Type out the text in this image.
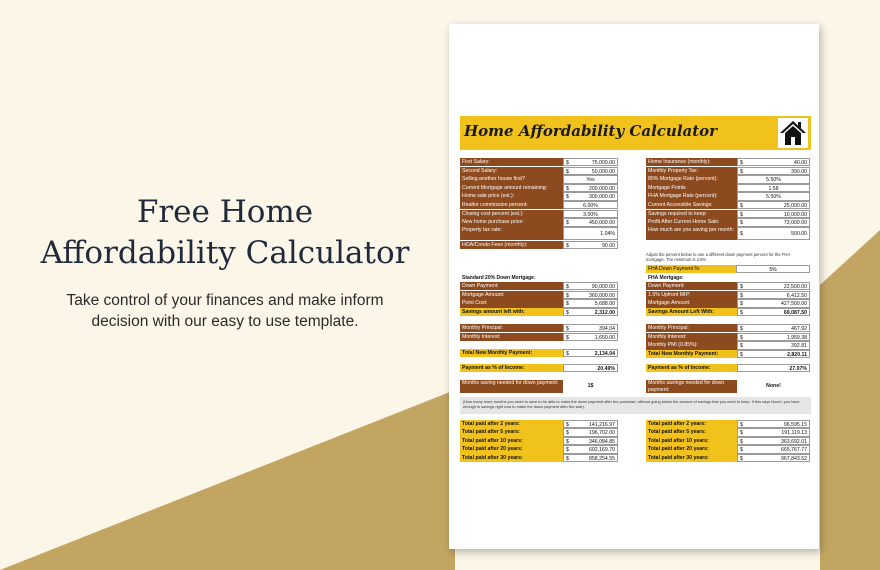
Free Home
Affordability Calculator
Take control of your finances and make inform
decision with our easy to use template.
Home Affordability Calculator
Adjust the percent below to use a different down payment percent for the FHA mortgage. The minimum is 3.5%
FHA Down Payment %:	5%
Standard 20% Down Mortgage:	FHA Mortgage:
(How many more months you need to save to be able to make the down payment after the purchase, without going below the amount of savings that you need to keep. If this says None!, you have enough in savings right now to make the down payment after the sale).
First Salary:	$	75,000.00
Second Salary:	$	50,000.00
Selling another house first?	Yes
Current Mortgage amount remaining:	$	200,000.00
Home sale price (est.):	$	300,000.00
Realtor commission percent:	6.00%
Closing cost percent (est.):	3.00%
New home purchase price:	$	450,000.00
Property tax rate:
1.04%
HOA/Condo Fees (monthly):	$	90.00
Home Insurance (monthly):	$	40.00
Monthly Property Tax:	$	390.00
80% Mortgage Rate (percent):	5.50%
Mortgage Points	1.58
FHA Mortgage Rate (percent):	5.50%
Current Accessible Savings:	$	25,000.00
Savings required to keep:	$	10,000.00
Profit After Current Home Sale:	$	73,000.00
How much are you saving per month:
$	500.00
Down Payment:	$	90,000.00
Mortgage Amount:	$	360,000.00
Point Cost:	$	5,688.00
Savings amount left with:	$	2,312.00
Monthly Principal:	$	394.04
Monthly Interest:	$	1,650.00
Total New Monthly Payment:	$	2,134.04
Payment as % of Income:	20.49%
Months saving needed for down payment:	1$
Down Payment:	$	22,500.00
1.5% Upfront MIP:	$	6,412.50
Mortgage Amount:	$	427,500.00
Savings Amount Left With:	$	69,087.50
Monthly Principal:	$	467.92
Monthly Interest:	$	1,959.38
Monthly PMI (0.85%):	$	392.81
Total New Monthly Payment:	$	2,820.11
Payment as % of Income:	27.07%
Months savings needed for down payment:
None!
Total paid after 2 years:	$	141,216.97
Total paid after 5 years:	$	196,702.00
Total paid after 10 years:	$	346,084.85
Total paid after 20 years:	$	602,169.70
Total paid after 30 years:	$	858,254.55
Total paid after 2 years:	$	96,595.15
Total paid after 5 years:	$	191,119.13
Total paid after 10 years:	$	363,692.01
Total paid after 20 years:	$	665,767.77
Total paid after 30 years:	$	967,843.52
